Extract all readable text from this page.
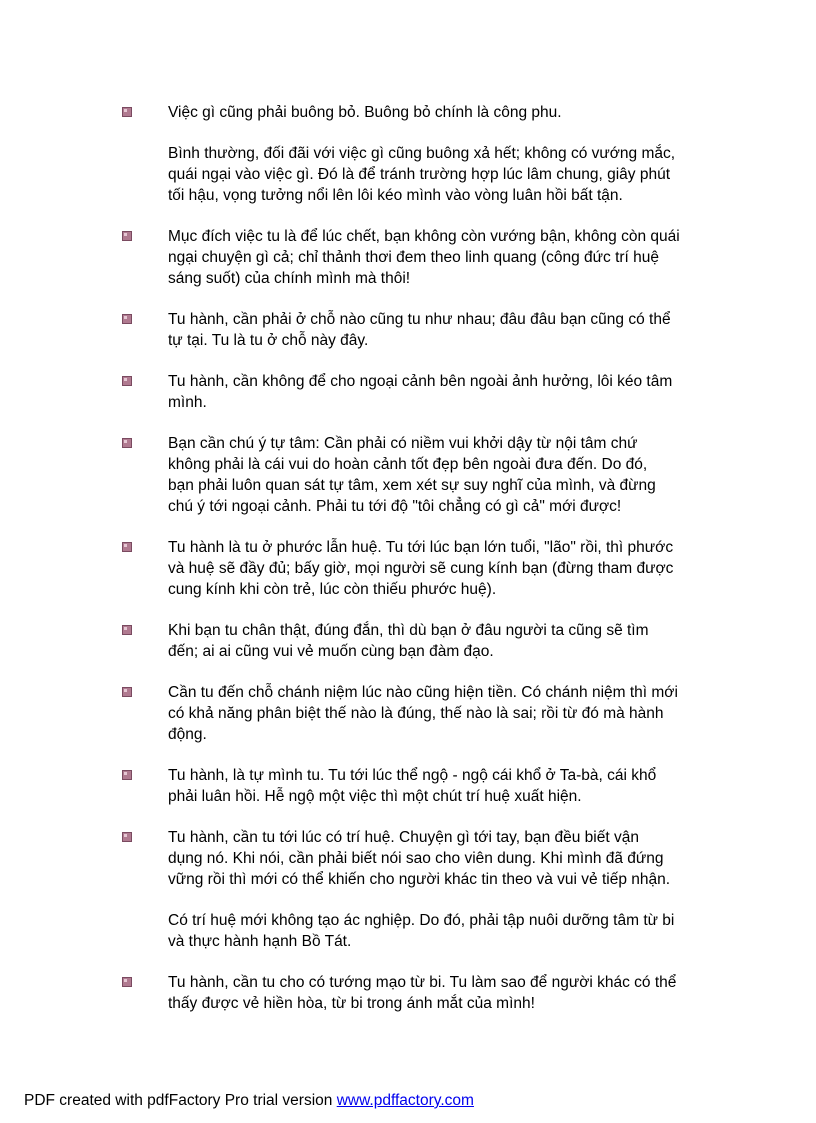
Việc gì cũng phải buông bỏ. Buông bỏ chính là công phu.

Bình thường, đối đãi với việc gì cũng buông xả hết; không có vướng mắc,
quái ngại vào việc gì. Đó là để tránh trường hợp lúc lâm chung, giây phút
tối hậu, vọng tưởng nổi lên lôi kéo mình vào vòng luân hồi bất tận.

Mục đích việc tu là để lúc chết, bạn không còn vướng bận, không còn quái
ngại chuyện gì cả; chỉ thảnh thơi đem theo linh quang (công đức trí huệ
sáng suốt) của chính mình mà thôi!

Tu hành, cần phải ở chỗ nào cũng tu như nhau; đâu đâu bạn cũng có thể
tự tại. Tu là tu ở chỗ này đây.

Tu hành, cần không để cho ngoại cảnh bên ngoài ảnh hưởng, lôi kéo tâm
mình.

Bạn cần chú ý tự tâm: Cần phải có niềm vui khởi dậy từ nội tâm chứ
không phải là cái vui do hoàn cảnh tốt đẹp bên ngoài đưa đến. Do đó,
bạn phải luôn quan sát tự tâm, xem xét sự suy nghĩ của mình, và đừng
chú ý tới ngoại cảnh. Phải tu tới độ "tôi chẳng có gì cả" mới được!

Tu hành là tu ở phước lẫn huệ. Tu tới lúc bạn lớn tuổi, "lão" rồi, thì phước
và huệ sẽ đầy đủ; bấy giờ, mọi người sẽ cung kính bạn (đừng tham được
cung kính khi còn trẻ, lúc còn thiếu phước huệ).

Khi bạn tu chân thật, đúng đắn, thì dù bạn ở đâu người ta cũng sẽ tìm
đến; ai ai cũng vui vẻ muốn cùng bạn đàm đạo.

Cần tu đến chỗ chánh niệm lúc nào cũng hiện tiền. Có chánh niệm thì mới
có khả năng phân biệt thế nào là đúng, thế nào là sai; rồi từ đó mà hành
động.

Tu hành, là tự mình tu. Tu tới lúc thể ngộ - ngộ cái khổ ở Ta-bà, cái khổ
phải luân hồi. Hễ ngộ một việc thì một chút trí huệ xuất hiện.

Tu hành, cần tu tới lúc có trí huệ. Chuyện gì tới tay, bạn đều biết vận
dụng nó. Khi nói, cần phải biết nói sao cho viên dung. Khi mình đã đứng
vững rồi thì mới có thể khiến cho người khác tin theo và vui vẻ tiếp nhận.

Có trí huệ mới không tạo ác nghiệp. Do đó, phải tập nuôi dưỡng tâm từ bi
và thực hành hạnh Bồ Tát.

Tu hành, cần tu cho có tướng mạo từ bi. Tu làm sao để người khác có thể
thấy được vẻ hiền hòa, từ bi trong ánh mắt của mình!

PDF created with pdfFactory Pro trial version www.pdffactory.com
